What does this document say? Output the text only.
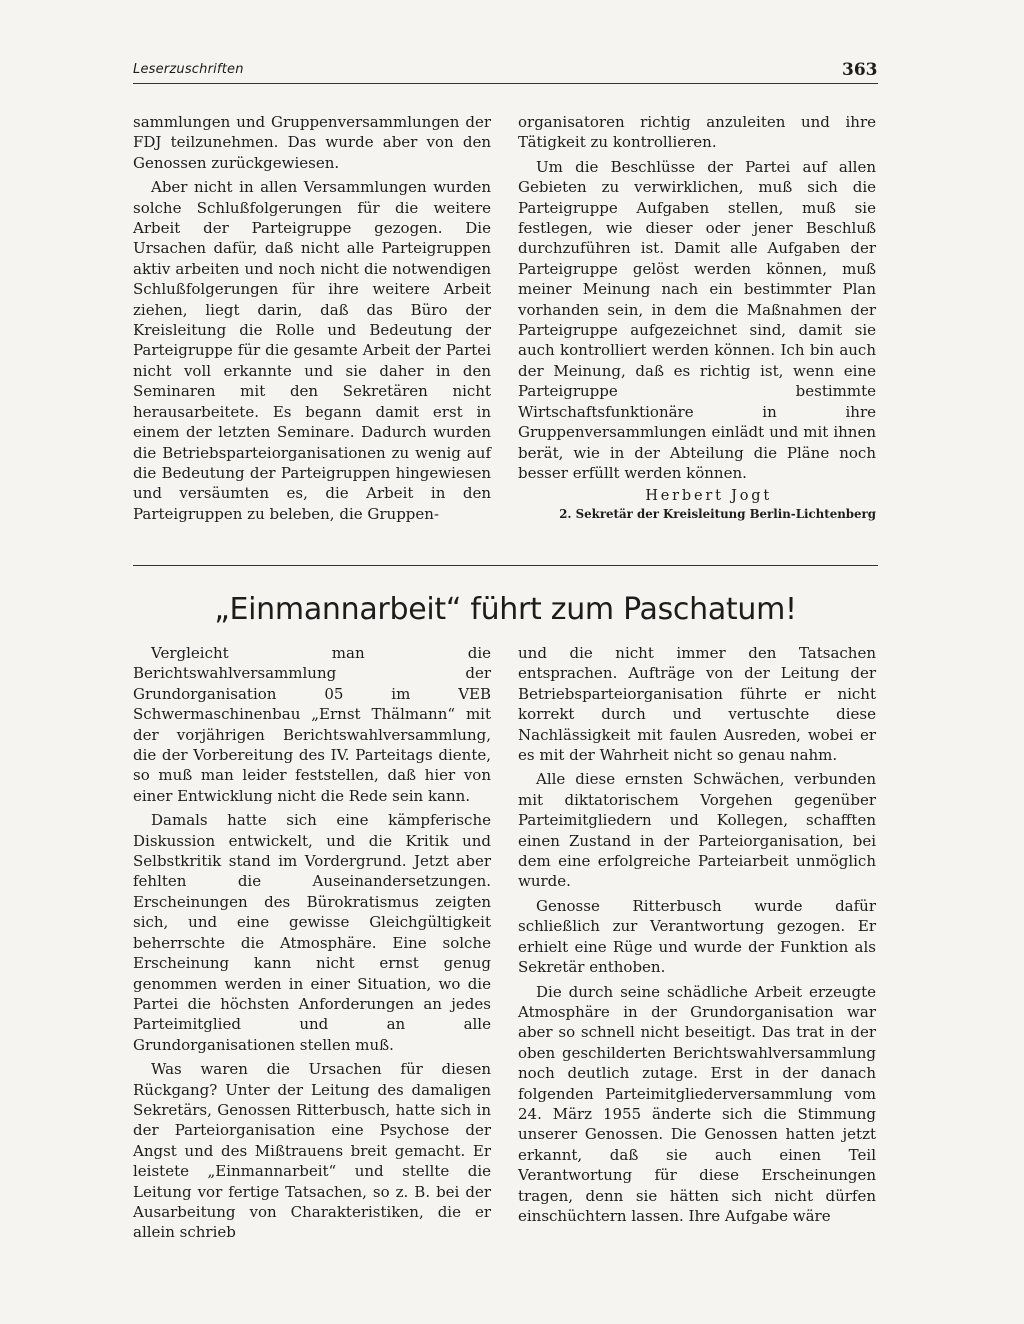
Leserzuschriften	363

sammlungen und Gruppenversammlungen der FDJ teilzunehmen. Das wurde aber von den Genossen zurückgewiesen.

Aber nicht in allen Versammlungen wurden solche Schlußfolgerungen für die weitere Arbeit der Parteigruppe gezogen. Die Ursachen dafür, daß nicht alle Parteigruppen aktiv arbeiten und noch nicht die notwendigen Schlußfolgerungen für ihre weitere Arbeit ziehen, liegt darin, daß das Büro der Kreisleitung die Rolle und Bedeutung der Parteigruppe für die gesamte Arbeit der Partei nicht voll erkannte und sie daher in den Seminaren mit den Sekretären nicht herausarbeitete. Es begann damit erst in einem der letzten Seminare. Dadurch wurden die Betriebsparteiorganisationen zu wenig auf die Bedeutung der Parteigruppen hingewiesen und versäumten es, die Arbeit in den Parteigruppen zu beleben, die Gruppen-

organisatoren richtig anzuleiten und ihre Tätigkeit zu kontrollieren.

Um die Beschlüsse der Partei auf allen Gebieten zu verwirklichen, muß sich die Parteigruppe Aufgaben stellen, muß sie festlegen, wie dieser oder jener Beschluß durchzuführen ist. Damit alle Aufgaben der Parteigruppe gelöst werden können, muß meiner Meinung nach ein bestimmter Plan vorhanden sein, in dem die Maßnahmen der Parteigruppe aufgezeichnet sind, damit sie auch kontrolliert werden können. Ich bin auch der Meinung, daß es richtig ist, wenn eine Parteigruppe bestimmte Wirtschaftsfunktionäre in ihre Gruppenversammlungen einlädt und mit ihnen berät, wie in der Abteilung die Pläne noch besser erfüllt werden können.

Herbert Jogt
2. Sekretär der Kreisleitung Berlin-Lichtenberg
„Einmannarbeit“ führt zum Paschatum!

Vergleicht man die Berichtswahlversammlung der Grundorganisation 05 im VEB Schwermaschinenbau „Ernst Thälmann“ mit der vorjährigen Berichtswahlversammlung, die der Vorbereitung des IV. Parteitags diente, so muß man leider feststellen, daß hier von einer Entwicklung nicht die Rede sein kann.

Damals hatte sich eine kämpferische Diskussion entwickelt, und die Kritik und Selbstkritik stand im Vordergrund. Jetzt aber fehlten die Auseinandersetzungen. Erscheinungen des Bürokratismus zeigten sich, und eine gewisse Gleichgültigkeit beherrschte die Atmosphäre. Eine solche Erscheinung kann nicht ernst genug genommen werden in einer Situation, wo die Partei die höchsten Anforderungen an jedes Parteimitglied und an alle Grundorganisationen stellen muß.

Was waren die Ursachen für diesen Rückgang? Unter der Leitung des damaligen Sekretärs, Genossen Ritterbusch, hatte sich in der Parteiorganisation eine Psychose der Angst und des Mißtrauens breit gemacht. Er leistete „Einmannarbeit“ und stellte die Leitung vor fertige Tatsachen, so z. B. bei der Ausarbeitung von Charakteristiken, die er allein schrieb

und die nicht immer den Tatsachen entsprachen. Aufträge von der Leitung der Betriebsparteiorganisation führte er nicht korrekt durch und vertuschte diese Nachlässigkeit mit faulen Ausreden, wobei er es mit der Wahrheit nicht so genau nahm.

Alle diese ernsten Schwächen, verbunden mit diktatorischem Vorgehen gegenüber Parteimitgliedern und Kollegen, schafften einen Zustand in der Parteiorganisation, bei dem eine erfolgreiche Parteiarbeit unmöglich wurde.

Genosse Ritterbusch wurde dafür schließlich zur Verantwortung gezogen. Er erhielt eine Rüge und wurde der Funktion als Sekretär enthoben.

Die durch seine schädliche Arbeit erzeugte Atmosphäre in der Grundorganisation war aber so schnell nicht beseitigt. Das trat in der oben geschilderten Berichtswahlversammlung noch deutlich zutage. Erst in der danach folgenden Parteimitgliederversammlung vom 24. März 1955 änderte sich die Stimmung unserer Genossen. Die Genossen hatten jetzt erkannt, daß sie auch einen Teil Verantwortung für diese Erscheinungen tragen, denn sie hätten sich nicht dürfen einschüchtern lassen. Ihre Aufgabe wäre
